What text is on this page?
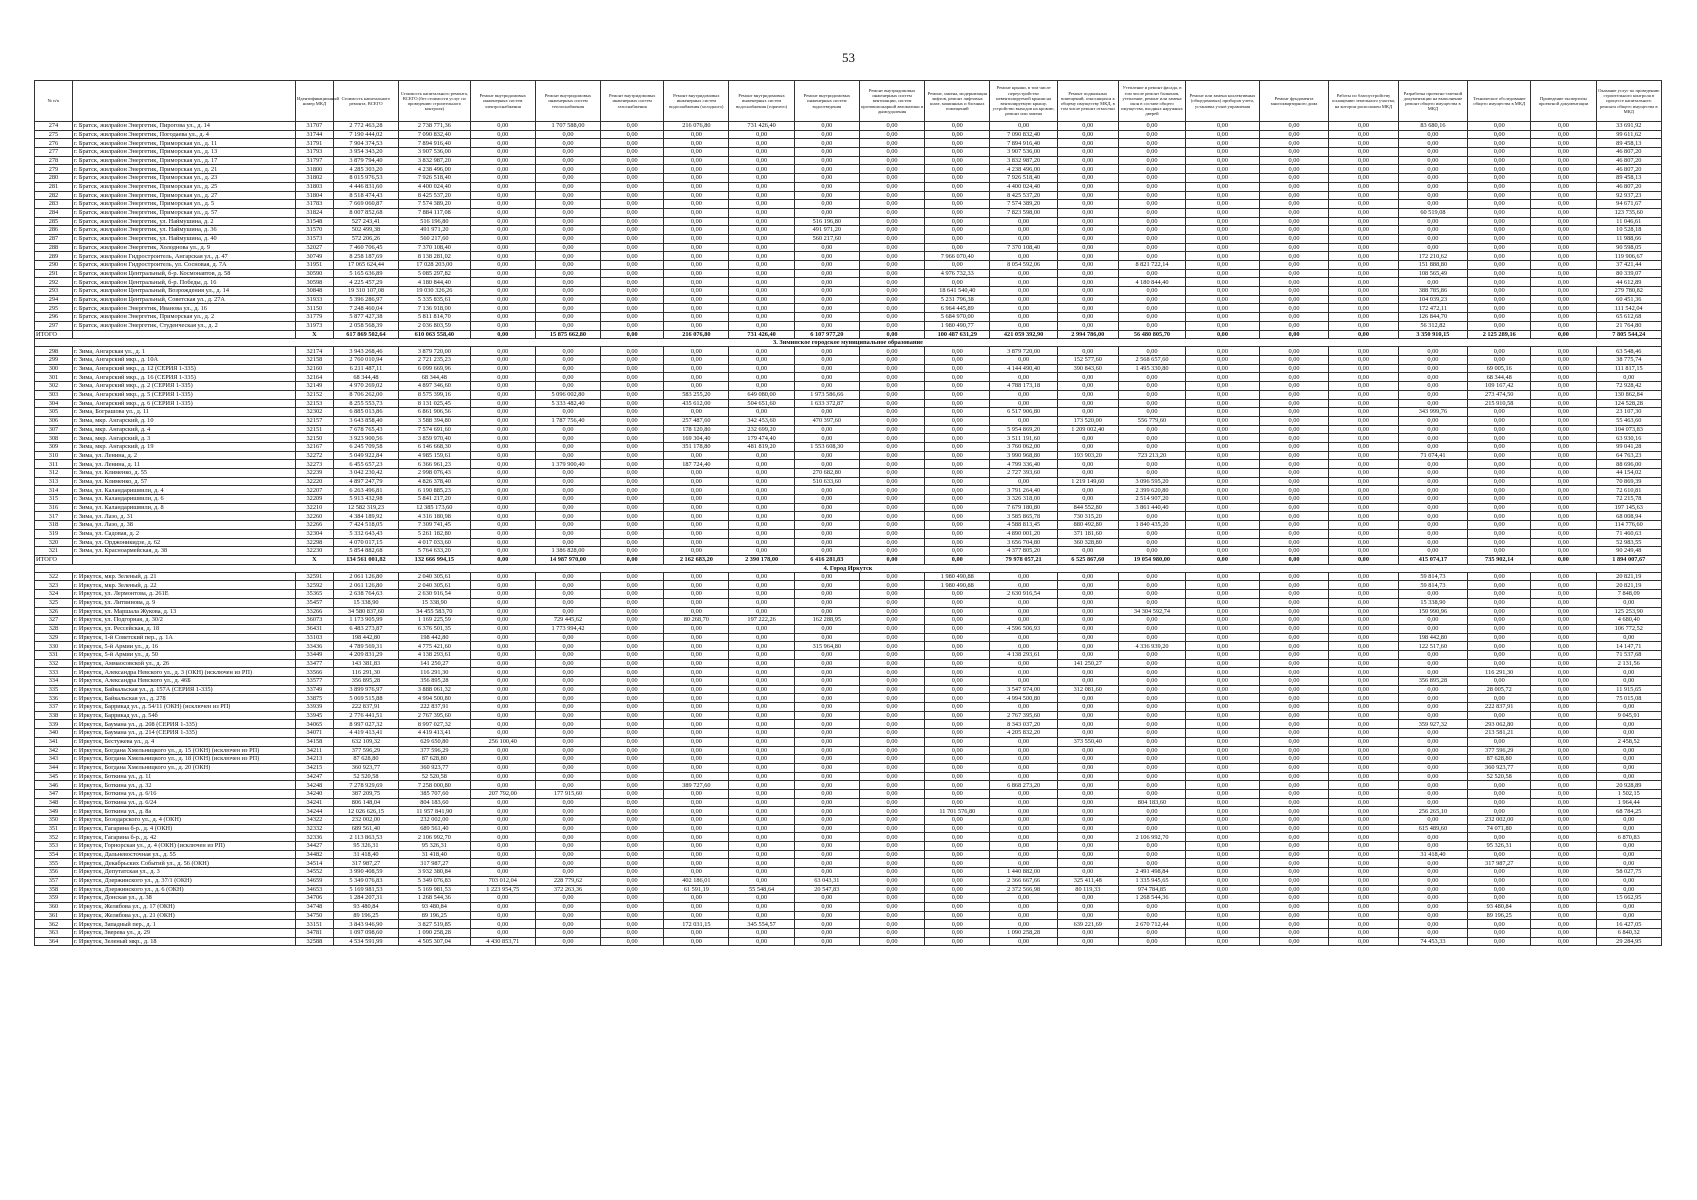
53
№ п/п		Идентификационный номер МКД	Стоимость капитального ремонта, ВСЕГО	Стоимость капитального ремонта, ВСЕГО (без стоимости услуг по проведению строительного контроля)	Ремонт внутридомовых инженерных систем электроснабжения	Ремонт внутридомовых инженерных систем теплоснабжения	Ремонт внутридомовых инженерных систем газоснабжения	Ремонт внутридомовых инженерных систем водоснабжения (холодного)	Ремонт внутридомовых инженерных систем водоснабжения (горячего)	Ремонт внутридомовых инженерных систем водоотведения	Ремонт внутридомовых инженерных систем вентиляции, систем противопожарной автоматики и дымоудаления	Ремонт, замена, модернизация лифтов, ремонт лифтовых шахт, машинных и блочных помещений	Ремонт крыши, в том числе переустройство невентилируемой крыши на вентилируемую крышу, устройство выходов на кровлю, ремонт или замена	Ремонт подвальных помещений, относящихся к общему имуществу МКД, в том числе ремонт отмостки	Утепление и ремонт фасада, в том числе ремонт балконов, утепление, ремонт или замена окон в составе общего имущества, входных наружных дверей	Ремонт или замена коллективных (общедомовых) приборов учета, установка узлов управления	Ремонт фундамента многоквартирного дома	Работы по благоустройству оснащению земельного участка, на котором расположен МКД	Разработка проектно-сметной документации на выполнение ремонт общего имущества в МКД	Техническое обследование общего имущества в МКД	Проведение экспертизы проектной документации	Оказание услуг по проведению строительного контроля в процессе капитального ремонта общего имущества в МКД
274	г. Братск, жилрайон Энергетик, Пирогова ул., д. 14	31707	2 772 463,28	2 738 771,36	0,00	1 707 588,00	0,00	216 076,80	731 426,40	0,00	0,00	0,00	0,00	0,00	0,00	0,00	0,00	0,00	83 680,16	0,00	0,00	33 691,92
275	г. Братск, жилрайон Энергетик, Погодаева ул., д. 4	31744	7 190 444,02	7 090 832,40	0,00	0,00	0,00	0,00	0,00	0,00	0,00	0,00	7 090 832,40	0,00	0,00	0,00	0,00	0,00	0,00	0,00	0,00	99 611,62
276	г. Братск, жилрайон Энергетик, Приморская ул., д. 11	31791	7 904 374,53	7 894 916,40	0,00	0,00	0,00	0,00	0,00	0,00	0,00	0,00	7 894 916,40	0,00	0,00	0,00	0,00	0,00	0,00	0,00	0,00	89 458,13
277	г. Братск, жилрайон Энергетик, Приморская ул., д. 13	31793	3 954 343,20	3 907 536,00	0,00	0,00	0,00	0,00	0,00	0,00	0,00	0,00	3 907 536,00	0,00	0,00	0,00	0,00	0,00	0,00	0,00	0,00	46 807,20
278	г. Братск, жилрайон Энергетик, Приморская ул., д. 17	31797	3 879 794,40	3 832 987,20	0,00	0,00	0,00	0,00	0,00	0,00	0,00	0,00	3 832 987,20	0,00	0,00	0,00	0,00	0,00	0,00	0,00	0,00	46 807,20
279	г. Братск, жилрайон Энергетик, Приморская ул., д. 21	31800	4 285 303,20	4 238 496,00	0,00	0,00	0,00	0,00	0,00	0,00	0,00	0,00	4 238 496,00	0,00	0,00	0,00	0,00	0,00	0,00	0,00	0,00	46 807,20
280	г. Братск, жилрайон Энергетик, Приморская ул., д. 23	31802	8 015 976,53	7 926 518,40	0,00	0,00	0,00	0,00	0,00	0,00	0,00	0,00	7 926 518,40	0,00	0,00	0,00	0,00	0,00	0,00	0,00	0,00	89 458,13
281	г. Братск, жилрайон Энергетик, Приморская ул., д. 25	31803	4 446 831,60	4 400 024,40	0,00	0,00	0,00	0,00	0,00	0,00	0,00	0,00	4 400 024,40	0,00	0,00	0,00	0,00	0,00	0,00	0,00	0,00	46 807,20
282	г. Братск, жилрайон Энергетик, Приморская ул., д. 27	31804	8 518 474,43	8 425 537,20	0,00	0,00	0,00	0,00	0,00	0,00	0,00	0,00	8 425 537,20	0,00	0,00	0,00	0,00	0,00	0,00	0,00	0,00	92 937,23
283	г. Братск, жилрайон Энергетик, Приморская ул., д. 5	31783	7 669 060,87	7 574 389,20	0,00	0,00	0,00	0,00	0,00	0,00	0,00	0,00	7 574 389,20	0,00	0,00	0,00	0,00	0,00	0,00	0,00	0,00	94 671,67
284	г. Братск, жилрайон Энергетик, Приморская ул., д. 57	31824	8 007 852,68	7 884 117,08	0,00	0,00	0,00	0,00	0,00	0,00	0,00	0,00	7 823 598,00	0,00	0,00	0,00	0,00	0,00	60 519,08	0,00	0,00	123 735,60
285	г. Братск, жилрайон Энергетик, ул. Наймушина, д. 2	31548	527 243,41	516 196,80	0,00	0,00	0,00	0,00	0,00	516 196,80	0,00	0,00	0,00	0,00	0,00	0,00	0,00	0,00	0,00	0,00	0,00	11 046,61
286	г. Братск, жилрайон Энергетик, ул. Наймушина, д. 36	31570	502 499,38	491 971,20	0,00	0,00	0,00	0,00	0,00	491 971,20	0,00	0,00	0,00	0,00	0,00	0,00	0,00	0,00	0,00	0,00	0,00	10 528,18
287	г. Братск, жилрайон Энергетик, ул. Наймушина, д. 40	31573	572 206,26	560 217,60	0,00	0,00	0,00	0,00	0,00	560 217,60	0,00	0,00	0,00	0,00	0,00	0,00	0,00	0,00	0,00	0,00	0,00	11 988,66
288	г. Братск, жилрайон Энергетик, Холоднова ул., д. 9	32027	7 460 706,45	7 370 108,40	0,00	0,00	0,00	0,00	0,00	0,00	0,00	0,00	7 370 108,40	0,00	0,00	0,00	0,00	0,00	0,00	0,00	0,00	90 598,05
289	г. Братск, жилрайон Гидростроитель, Ангарская ул., д. 47	30749	8 258 187,69	8 138 281,02	0,00	0,00	0,00	0,00	0,00	0,00	0,00	7 966 070,40	0,00	0,00	0,00	0,00	0,00	0,00	172 210,62	0,00	0,00	119 906,67
290	г. Братск, жилрайон Гидростроитель, ул. Сосновая, д. 7А	31951	17 065 624,44	17 028 203,00	0,00	0,00	0,00	0,00	0,00	0,00	0,00	0,00	8 054 592,06	0,00	8 821 722,14	0,00	0,00	0,00	151 888,80	0,00	0,00	37 421,44
291	г. Братск, жилрайон Центральный, б-р. Космонавтов, д. 58	30590	5 165 636,89	5 085 297,82	0,00	0,00	0,00	0,00	0,00	0,00	0,00	4 976 732,33	0,00	0,00	0,00	0,00	0,00	0,00	108 565,49	0,00	0,00	80 339,07
292	г. Братск, жилрайон Центральный, б-р. Победы, д. 16	30598	4 225 457,29	4 180 844,40	0,00	0,00	0,00	0,00	0,00	0,00	0,00	0,00	0,00	0,00	4 180 844,40	0,00	0,00	0,00	0,00	0,00	0,00	44 612,89
293	г. Братск, жилрайон Центральный, Возрождения ул., д. 14	30848	19 310 107,08	19 030 326,26	0,00	0,00	0,00	0,00	0,00	0,00	0,00	18 641 540,40	0,00	0,00	0,00	0,00	0,00	0,00	388 785,86	0,00	0,00	279 780,82
294	г. Братск, жилрайон Центральный, Советская ул., д. 27А	31933	5 396 286,97	5 335 835,61	0,00	0,00	0,00	0,00	0,00	0,00	0,00	5 231 796,38	0,00	0,00	0,00	0,00	0,00	0,00	104 039,23	0,00	0,00	60 451,36
295	г. Братск, жилрайон Энергетик, Иванова ул., д. 16	31150	7 248 460,04	7 136 918,00	0,00	0,00	0,00	0,00	0,00	0,00	0,00	6 964 445,89	0,00	0,00	0,00	0,00	0,00	0,00	172 472,11	0,00	0,00	111 542,04
296	г. Братск, жилрайон Энергетик, Приморская ул., д. 2	31779	5 877 427,38	5 811 814,70	0,00	0,00	0,00	0,00	0,00	0,00	0,00	5 684 970,00	0,00	0,00	0,00	0,00	0,00	0,00	126 844,70	0,00	0,00	65 612,68
297	г. Братск, жилрайон Энергетик, Студенческая ул., д. 2	31973	2 058 568,39	2 036 803,59	0,00	0,00	0,00	0,00	0,00	0,00	0,00	1 980 490,77	0,00	0,00	0,00	0,00	0,00	0,00	56 312,82	0,00	0,00	21 764,80
ИТОГО		X	617 869 502,64	610 063 558,40	0,00	15 875 662,80	0,00	216 076,80	731 426,40	6 107 977,20	0,00	100 487 631,29	421 059 392,90	2 994 786,00	56 480 805,70	0,00	0,00	0,00	3 350 910,15	2 125 289,16	0,00	7 805 544,24
3. Зиминское городское муниципальное образование																						
298	г. Зима, Ангарская ул., д. 1	32174	3 943 268,46	3 879 720,00	0,00	0,00	0,00	0,00	0,00	0,00	0,00	0,00	3 879 720,00	0,00	0,00	0,00	0,00	0,00	0,00	0,00	0,00	63 548,46
299	г. Зима, Ангарский мкр., д. 10А	32158	2 760 010,94	2 721 235,23	0,00	0,00	0,00	0,00	0,00	0,00	0,00	0,00	0,00	152 577,60	2 568 657,60	0,00	0,00	0,00	0,00	0,00	0,00	38 775,74
300	г. Зима, Ангарский мкр., д. 12 (СЕРИЯ 1-335)	32160	6 211 487,11	6 099 669,96	0,00	0,00	0,00	0,00	0,00	0,00	0,00	0,00	4 144 490,40	390 843,60	1 495 330,80	0,00	0,00	0,00	0,00	69 005,16	0,00	111 817,15
301	г. Зима, Ангарский мкр., д. 16 (СЕРИЯ 1-335)	32164	68 344,48	68 344,48	0,00	0,00	0,00	0,00	0,00	0,00	0,00	0,00	0,00	0,00	0,00	0,00	0,00	0,00	0,00	68 344,48	0,00	0,00
302	г. Зима, Ангарский мкр., д. 2 (СЕРИЯ 1-335)	32149	4 970 269,02	4 897 346,60	0,00	0,00	0,00	0,00	0,00	0,00	0,00	0,00	4 788 173,18	0,00	0,00	0,00	0,00	0,00	0,00	109 167,42	0,00	72 928,42
303	г. Зима, Ангарский мкр., д. 5 (СЕРИЯ 1-335)	32152	8 706 262,00	8 575 399,16	0,00	5 096 002,80	0,00	583 255,20	649 080,00	1 973 586,66	0,00	0,00	0,00	0,00	0,00	0,00	0,00	0,00	0,00	273 474,50	0,00	130 862,84
304	г. Зима, Ангарский мкр., д. 6 (СЕРИЯ 1-335)	32153	8 255 553,73	8 131 025,45	0,00	5 333 482,40	0,00	435 612,00	504 651,60	1 633 372,87	0,00	0,00	0,00	0,00	0,00	0,00	0,00	0,00	0,00	215 910,58	0,00	124 528,28
305	г. Зима, Бограшова ул., д. 11	32302	6 885 013,86	6 861 906,56	0,00	0,00	0,00	0,00	0,00	0,00	0,00	0,00	6 517 906,80	0,00	0,00	0,00	0,00	0,00	343 999,76	0,00	0,00	23 107,30
306	г. Зима, мкр. Ангарский, д. 10	32157	3 643 858,40	3 588 394,80	0,00	1 787 756,40	0,00	257 487,60	342 453,60	470 397,60	0,00	0,00	0,00	173 520,00	556 779,60	0,00	0,00	0,00	0,00	0,00	0,00	55 463,60
307	г. Зима, мкр. Ангарский, д. 4	32151	7 678 765,43	7 574 691,60	0,00	0,00	0,00	178 120,80	232 699,20	0,00	0,00	0,00	5 954 869,20	1 209 002,40	0,00	0,00	0,00	0,00	0,00	0,00	0,00	104 073,83
308	г. Зима, мкр. Ангарский, д. 3	32150	3 923 900,56	3 859 970,40	0,00	0,00	0,00	169 304,40	179 474,40	0,00	0,00	0,00	3 511 191,60	0,00	0,00	0,00	0,00	0,00	0,00	0,00	0,00	63 930,16
309	г. Зима, мкр. Ангарский, д. 19	32167	6 245 709,58	6 146 668,30	0,00	0,00	0,00	351 178,80	481 819,20	1 553 608,30	0,00	0,00	3 760 062,00	0,00	0,00	0,00	0,00	0,00	0,00	0,00	0,00	99 041,28
310	г. Зима, ул. Ленина, д. 2	32272	5 049 922,84	4 985 159,61	0,00	0,00	0,00	0,00	0,00	0,00	0,00	0,00	3 990 968,80	193 903,20	723 213,20	0,00	0,00	0,00	71 074,41	0,00	0,00	64 763,23
311	г. Зима, ул. Ленина, д. 11	32273	6 455 657,23	6 366 961,23	0,00	1 379 900,40	0,00	187 724,40	0,00	0,00	0,00	0,00	4 799 336,40	0,00	0,00	0,00	0,00	0,00	0,00	0,00	0,00	88 696,00
312	г. Зима, ул. Клименко, д. 55	32239	3 042 230,42	2 998 076,43	0,00	0,00	0,00	0,00	0,00	270 682,80	0,00	0,00	2 727 393,60	0,00	0,00	0,00	0,00	0,00	0,00	0,00	0,00	44 154,02
313	г. Зима, ул. Клименко, д. 57	32220	4 897 247,79	4 826 378,40	0,00	0,00	0,00	0,00	0,00	510 633,60	0,00	0,00	0,00	1 219 149,60	3 096 595,20	0,00	0,00	0,00	0,00	0,00	0,00	70 869,39
314	г. Зима, ул. Каландаришвили, д. 4	32207	6 263 496,81	6 190 885,23	0,00	0,00	0,00	0,00	0,00	0,00	0,00	0,00	3 791 264,40	0,00	2 399 620,80	0,00	0,00	0,00	0,00	0,00	0,00	72 610,81
315	г. Зима, ул. Каландаришвили, д. 6	32209	5 913 432,98	5 841 217,20	0,00	0,00	0,00	0,00	0,00	0,00	0,00	0,00	3 326 318,00	0,00	2 514 907,20	0,00	0,00	0,00	0,00	0,00	0,00	72 215,78
316	г. Зима, ул. Каландаришвили, д. 8	32210	12 582 319,23	12 385 173,60	0,00	0,00	0,00	0,00	0,00	0,00	0,00	0,00	7 679 180,80	844 552,80	3 861 440,40	0,00	0,00	0,00	0,00	0,00	0,00	197 145,63
317	г. Зима, ул. Лазо, д. 31	32260	4 384 189,92	4 316 180,98	0,00	0,00	0,00	0,00	0,00	0,00	0,00	0,00	3 585 865,78	730 315,20	0,00	0,00	0,00	0,00	0,00	0,00	0,00	68 008,94
318	г. Зима, ул. Лазо, д. 38	32266	7 424 518,05	7 309 741,45	0,00	0,00	0,00	0,00	0,00	0,00	0,00	0,00	4 588 813,45	880 492,80	1 840 435,20	0,00	0,00	0,00	0,00	0,00	0,00	114 776,60
319	г. Зима, ул. Садовая, д. 2	32304	5 332 643,43	5 261 182,80	0,00	0,00	0,00	0,00	0,00	0,00	0,00	0,00	4 890 001,20	371 181,60	0,00	0,00	0,00	0,00	0,00	0,00	0,00	71 460,63
320	г. Зима, ул. Орджоникидзе, д. 62	32298	4 070 017,15	4 017 033,60	0,00	0,00	0,00	0,00	0,00	0,00	0,00	0,00	3 656 704,80	360 328,80	0,00	0,00	0,00	0,00	0,00	0,00	0,00	52 983,55
321	г. Зима, ул. Красноармейская, д. 38	32230	5 854 882,68	5 764 633,20	0,00	1 386 828,00	0,00	0,00	0,00	0,00	0,00	0,00	4 377 805,20	0,00	0,00	0,00	0,00	0,00	0,00	0,00	0,00	90 249,48
ИТОГО		X	134 561 001,82	132 666 994,15	0,00	14 987 970,00	0,00	2 162 683,20	2 390 178,00	6 416 281,83	0,00	0,00	79 978 057,21	6 525 867,60	19 054 980,00	0,00	0,00	0,00	415 074,17	735 902,14	0,00	1 894 007,67
4. Город Иркутск																						
322	г. Иркутск, мкр. Зеленый, д. 21	32591	2 061 126,80	2 040 305,61	0,00	0,00	0,00	0,00	0,00	0,00	0,00	1 980 490,88	0,00	0,00	0,00	0,00	0,00	0,00	59 814,73	0,00	0,00	20 821,19
323	г. Иркутск, мкр. Зеленый, д. 22	32592	2 061 126,80	2 040 305,61	0,00	0,00	0,00	0,00	0,00	0,00	0,00	1 980 490,88	0,00	0,00	0,00	0,00	0,00	0,00	59 814,73	0,00	0,00	20 821,19
324	г. Иркутск, ул. Лермонтова, д. 261Е	35365	2 638 764,63	2 630 916,54	0,00	0,00	0,00	0,00	0,00	0,00	0,00	0,00	2 630 916,54	0,00	0,00	0,00	0,00	0,00	0,00	0,00	0,00	7 848,09
325	г. Иркутск, ул. Литвинова, д. 9	35457	15 338,90	15 338,90	0,00	0,00	0,00	0,00	0,00	0,00	0,00	0,00	0,00	0,00	0,00	0,00	0,00	0,00	15 338,90	0,00	0,00	0,00
326	г. Иркутск, ул. Маршала Жукова, д. 13	33266	34 580 837,60	34 455 583,70	0,00	0,00	0,00	0,00	0,00	0,00	0,00	0,00	0,00	0,00	34 304 592,74	0,00	0,00	0,00	150 990,96	0,00	0,00	125 253,90
327	г. Иркутск, ул. Подгорная, д. 30/2	36073	1 173 905,99	1 169 225,59	0,00	729 445,62	0,00	80 268,70	197 222,26	162 288,95	0,00	0,00	0,00	0,00	0,00	0,00	0,00	0,00	0,00	0,00	0,00	4 680,40
328	г. Иркутск, ул. Рессейская, д. 18	36431	6 483 273,87	6 376 501,35	0,00	1 773 994,42	0,00	0,00	0,00	0,00	0,00	0,00	4 596 506,93	0,00	0,00	0,00	0,00	0,00	0,00	0,00	0,00	106 772,52
329	г. Иркутск, 1-й Советский пер., д. 1А	33103	198 442,80	198 442,80	0,00	0,00	0,00	0,00	0,00	0,00	0,00	0,00	0,00	0,00	0,00	0,00	0,00	0,00	198 442,80	0,00	0,00	0,00
330	г. Иркутск, 5-й Армии ул., д. 16	33436	4 789 569,31	4 775 421,60	0,00	0,00	0,00	0,00	0,00	315 964,80	0,00	0,00	0,00	0,00	4 336 939,20	0,00	0,00	0,00	122 517,60	0,00	0,00	14 147,71
331	г. Иркутск, 5-й Армии ул., д. 50	33449	4 209 831,29	4 138 293,61	0,00	0,00	0,00	0,00	0,00	0,00	0,00	0,00	4 138 293,61	0,00	0,00	0,00	0,00	0,00	0,00	0,00	0,00	71 537,68
332	г. Иркутск, Аммаосовской ул., д. 26	33477	143 381,83	141 250,27	0,00	0,00	0,00	0,00	0,00	0,00	0,00	0,00	0,00	141 250,27	0,00	0,00	0,00	0,00	0,00	0,00	0,00	2 131,56
333	г. Иркутск, Александра Невского ул., д. 3 (ОКН) (исключен из РП)	33566	116 291,30	116 291,30	0,00	0,00	0,00	0,00	0,00	0,00	0,00	0,00	0,00	0,00	0,00	0,00	0,00	0,00	0,00	116 291,30	0,00	0,00
334	г. Иркутск, Александра Невского ул., д. 46Б	33577	356 895,28	356 895,28	0,00	0,00	0,00	0,00	0,00	0,00	0,00	0,00	0,00	0,00	0,00	0,00	0,00	0,00	356 895,28	0,00	0,00	0,00
335	г. Иркутск, Байкальская ул., д. 157А (СЕРИЯ 1-335)	33749	3 899 976,97	3 888 061,32	0,00	0,00	0,00	0,00	0,00	0,00	0,00	0,00	3 547 974,00	312 081,60	0,00	0,00	0,00	0,00	0,00	28 005,72	0,00	11 915,65
336	г. Иркутск, Байкальская ул., д. 278	33875	5 069 515,88	4 994 500,80	0,00	0,00	0,00	0,00	0,00	0,00	0,00	0,00	4 994 500,80	0,00	0,00	0,00	0,00	0,00	0,00	0,00	0,00	75 015,08
337	г. Иркутск, Баррикад ул., д. 54/11 (ОКН) (исключен из РП)	33939	222 837,91	222 837,91	0,00	0,00	0,00	0,00	0,00	0,00	0,00	0,00	0,00	0,00	0,00	0,00	0,00	0,00	0,00	222 837,91	0,00	0,00
338	г. Иркутск, Баррикад ул., д. 54б	33945	2 776 441,51	2 767 395,60	0,00	0,00	0,00	0,00	0,00	0,00	0,00	0,00	2 767 395,60	0,00	0,00	0,00	0,00	0,00	0,00	0,00	0,00	9 045,91
339	г. Иркутск, Баумана ул., д. 208 (СЕРИЯ 1-335)	34065	8 997 027,32	8 997 027,32	0,00	0,00	0,00	0,00	0,00	0,00	0,00	0,00	8 343 037,20	0,00	0,00	0,00	0,00	0,00	359 927,32	293 062,80	0,00	0,00
340	г. Иркутск, Баумана ул., д. 214 (СЕРИЯ 1-335)	34071	4 419 413,41	4 419 413,41	0,00	0,00	0,00	0,00	0,00	0,00	0,00	0,00	4 205 832,20	0,00	0,00	0,00	0,00	0,00	0,00	213 581,21	0,00	0,00
341	г. Иркутск, Бестужева ул., д. 4	34158	632 109,32	629 650,80	256 100,40	0,00	0,00	0,00	0,00	0,00	0,00	0,00	0,00	373 550,40	0,00	0,00	0,00	0,00	0,00	0,00	0,00	2 458,52
342	г. Иркутск, Богдана Хмельницкого ул., д. 15 (ОКН) (исключен из РП)	34211	377 596,29	377 596,29	0,00	0,00	0,00	0,00	0,00	0,00	0,00	0,00	0,00	0,00	0,00	0,00	0,00	0,00	0,00	377 596,29	0,00	0,00
343	г. Иркутск, Богдана Хмельницкого ул., д. 18 (ОКН) (исключен из РП)	34213	87 628,80	87 628,80	0,00	0,00	0,00	0,00	0,00	0,00	0,00	0,00	0,00	0,00	0,00	0,00	0,00	0,00	0,00	87 628,80	0,00	0,00
344	г. Иркутск, Богдана Хмельницкого ул., д. 20 (ОКН)	34215	360 923,77	360 923,77	0,00	0,00	0,00	0,00	0,00	0,00	0,00	0,00	0,00	0,00	0,00	0,00	0,00	0,00	0,00	360 923,77	0,00	0,00
345	г. Иркутск, Боткина ул., д. 11	34247	52 520,58	52 520,58	0,00	0,00	0,00	0,00	0,00	0,00	0,00	0,00	0,00	0,00	0,00	0,00	0,00	0,00	0,00	52 520,58	0,00	0,00
346	г. Иркутск, Боткина ул., д. 32	34248	7 278 929,69	7 258 000,80	0,00	0,00	0,00	389 727,60	0,00	0,00	0,00	0,00	6 868 273,20	0,00	0,00	0,00	0,00	0,00	0,00	0,00	0,00	20 928,89
347	г. Иркутск, Боткина ул., д. 6/16	34240	387 209,75	385 707,60	207 792,00	177 915,60	0,00	0,00	0,00	0,00	0,00	0,00	0,00	0,00	0,00	0,00	0,00	0,00	0,00	0,00	0,00	1 502,15
348	г. Иркутск, Боткина ул., д. 6/24	34241	806 148,04	804 183,60	0,00	0,00	0,00	0,00	0,00	0,00	0,00	0,00	0,00	0,00	804 183,60	0,00	0,00	0,00	0,00	0,00	0,00	1 964,44
349	г. Иркутск, Боткина ул., д. 8а	34244	12 026 626,15	11 957 841,90	0,00	0,00	0,00	0,00	0,00	0,00	0,00	11 701 576,80	0,00	0,00	0,00	0,00	0,00	0,00	256 265,10	0,00	0,00	68 784,25
350	г. Иркутск, Бозодарского ул., д. 4 (ОКН)	34322	232 002,00	232 002,00	0,00	0,00	0,00	0,00	0,00	0,00	0,00	0,00	0,00	0,00	0,00	0,00	0,00	0,00	0,00	232 002,00	0,00	0,00
351	г. Иркутск, Гагарина б-р., д. 4 (ОКН)	32332	689 561,40	689 561,40	0,00	0,00	0,00	0,00	0,00	0,00	0,00	0,00	0,00	0,00	0,00	0,00	0,00	0,00	615 489,60	74 071,80	0,00	0,00
352	г. Иркутск, Гагарина б-р., д. 42	32336	2 113 863,53	2 106 992,70	0,00	0,00	0,00	0,00	0,00	0,00	0,00	0,00	0,00	0,00	2 106 992,70	0,00	0,00	0,00	0,00	0,00	0,00	6 870,83
353	г. Иркутск, Горнорская ул., д. 4 (ОКН) (исключен из РП)	34427	95 326,31	95 326,31	0,00	0,00	0,00	0,00	0,00	0,00	0,00	0,00	0,00	0,00	0,00	0,00	0,00	0,00	0,00	95 326,31	0,00	0,00
354	г. Иркутск, Дальневосточная ул., д. 55	34482	31 418,40	31 418,40	0,00	0,00	0,00	0,00	0,00	0,00	0,00	0,00	0,00	0,00	0,00	0,00	0,00	0,00	31 418,40	0,00	0,00	0,00
355	г. Иркутск, Декабрьских Событий ул., д. 56 (ОКН)	34514	317 987,27	317 987,27	0,00	0,00	0,00	0,00	0,00	0,00	0,00	0,00	0,00	0,00	0,00	0,00	0,00	0,00	0,00	317 987,27	0,00	0,00
356	г. Иркутск, Депутатская ул., д. 3	34552	3 990 408,59	3 932 380,84	0,00	0,00	0,00	0,00	0,00	0,00	0,00	0,00	1 440 882,00	0,00	2 491 498,84	0,00	0,00	0,00	0,00	0,00	0,00	58 027,75
357	г. Иркутск, Дзержинского ул., д. 37/1 (ОКН)	34659	5 349 076,83	5 349 076,83	703 012,04	228 779,62	0,00	402 186,01	0,00	63 043,31	0,00	0,00	2 366 667,66	325 411,48	1 335 945,65	0,00	0,00	0,00	0,00	0,00	0,00	0,00
358	г. Иркутск, Дзержинского ул., д. 6 (ОКН)	34653	5 169 981,53	5 169 981,53	1 223 954,75	372 263,36	0,00	61 591,19	55 548,64	20 547,83	0,00	0,00	2 372 566,98	80 119,33	974 784,85	0,00	0,00	0,00	0,00	0,00	0,00	0,00
359	г. Иркутск, Донская ул., д. 38	34706	1 284 207,31	1 268 544,36	0,00	0,00	0,00	0,00	0,00	0,00	0,00	0,00	0,00	0,00	1 268 544,36	0,00	0,00	0,00	0,00	0,00	0,00	15 662,95
360	г. Иркутск, Желябова ул., д. 17 (ОКН)	34748	93 480,84	93 480,84	0,00	0,00	0,00	0,00	0,00	0,00	0,00	0,00	0,00	0,00	0,00	0,00	0,00	0,00	0,00	93 480,84	0,00	0,00
361	г. Иркутск, Желябова ул., д. 21 (ОКН)	34750	89 196,25	89 196,25	0,00	0,00	0,00	0,00	0,00	0,00	0,00	0,00	0,00	0,00	0,00	0,00	0,00	0,00	0,00	89 196,25	0,00	0,00
362	г. Иркутск, Западный пер., д. 1	33151	3 843 946,90	3 827 519,85	0,00	0,00	0,00	172 031,15	345 554,57	0,00	0,00	0,00	0,00	639 221,69	2 670 712,44	0,00	0,00	0,00	0,00	0,00	0,00	16 427,05
363	г. Иркутск, Зверева ул., д. 29	34781	1 097 098,60	1 090 258,28	0,00	0,00	0,00	0,00	0,00	0,00	0,00	0,00	1 090 258,28	0,00	0,00	0,00	0,00	0,00	0,00	0,00	0,00	6 840,32
364	г. Иркутск, Зеленый мкр., д. 18	32588	4 534 591,99	4 505 307,04	4 430 853,71	0,00	0,00	0,00	0,00	0,00	0,00	0,00	0,00	0,00	0,00	0,00	0,00	0,00	74 453,33	0,00	0,00	29 284,95
